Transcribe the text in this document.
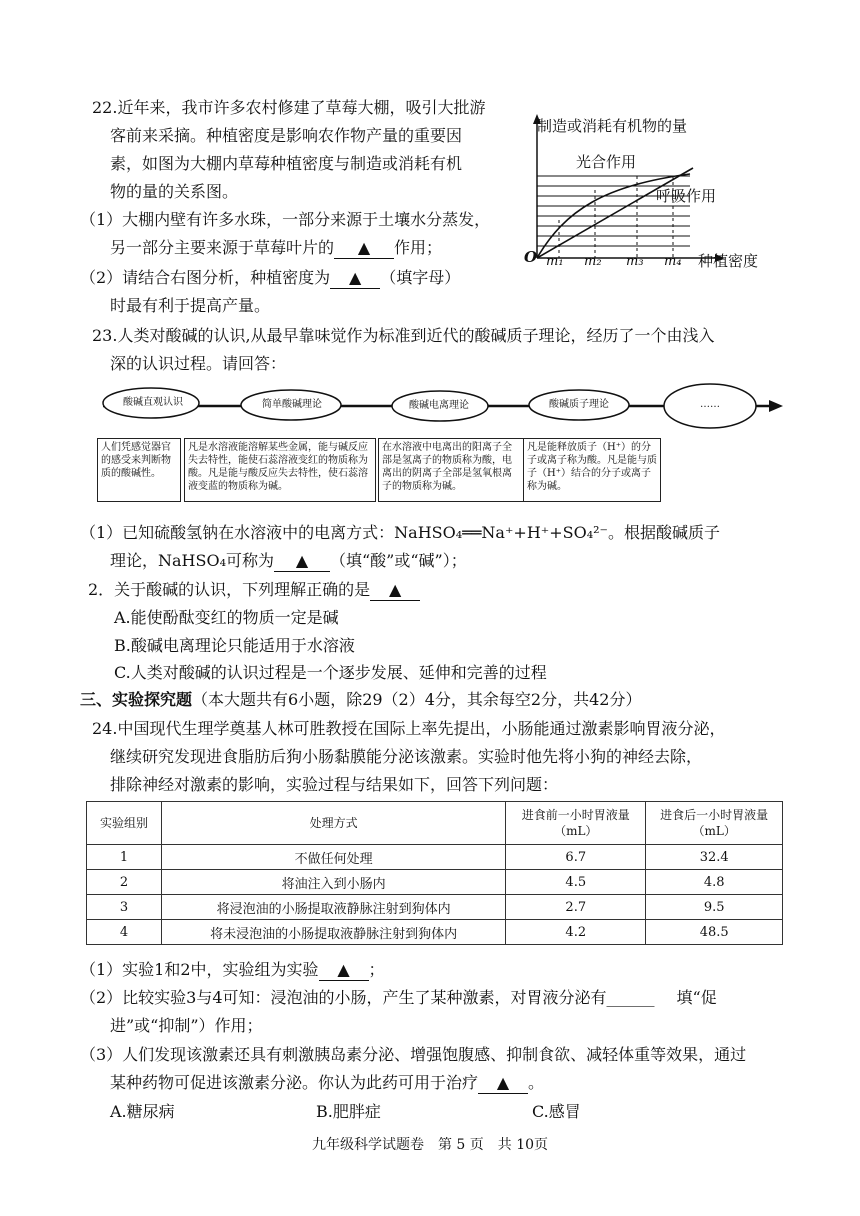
22.近年来，我市许多农村修建了草莓大棚，吸引大批游
客前来采摘。种植密度是影响农作物产量的重要因
素，如图为大棚内草莓种植密度与制造或消耗有机
物的量的关系图。
（1）大棚内壁有许多水珠，一部分来源于土壤水分蒸发，
另一部分主要来源于草莓叶片的 ▲ 作用；
（2）请结合右图分析，种植密度为 ▲ （填字母）
时最有利于提高产量。
制造或消耗有机物的量
光合作用
呼吸作用
O m₁ m₂ m₃ m₄ 种植密度
23.人类对酸碱的认识,从最早靠味觉作为标准到近代的酸碱质子理论，经历了一个由浅入
深的认识过程。请回答：
酸碱直观认识	简单酸碱理论	酸碱电离理论	酸碱质子理论	……
人们凭感觉器官的感受来判断物质的酸碱性。
凡是水溶液能溶解某些金属，能与碱反应失去特性，能使石蕊溶液变红的物质称为酸。凡是能与酸反应失去特性，使石蕊溶液变蓝的物质称为碱。
在水溶液中电离出的阳离子全部是氢离子的物质称为酸，电离出的阴离子全部是氢氧根离子的物质称为碱。
凡是能释放质子（H⁺）的分子或离子称为酸。凡是能与质子（H⁺）结合的分子或离子称为碱。
（1）已知硫酸氢钠在水溶液中的电离方式：NaHSO₄══Na⁺+H⁺+SO₄²⁻。根据酸碱质子
理论，NaHSO₄可称为 ▲ （填“酸”或“碱”）；
2．关于酸碱的认识，下列理解正确的是 ▲
A.能使酚酞变红的物质一定是碱
B.酸碱电离理论只能适用于水溶液
C.人类对酸碱的认识过程是一个逐步发展、延伸和完善的过程
三、实验探究题（本大题共有6小题，除29（2）4分，其余每空2分，共42分）
24.中国现代生理学奠基人林可胜教授在国际上率先提出，小肠能通过激素影响胃液分泌，
继续研究发现进食脂肪后狗小肠黏膜能分泌该激素。实验时他先将小狗的神经去除，
排除神经对激素的影响，实验过程与结果如下，回答下列问题：
实验组别	处理方式	进食前一小时胃液量（mL）	进食后一小时胃液量（mL）
1	不做任何处理	6.7	32.4
2	将油注入到小肠内	4.5	4.8
3	将浸泡油的小肠提取液静脉注射到狗体内	2.7	9.5
4	将未浸泡油的小肠提取液静脉注射到狗体内	4.2	48.5
（1）实验1和2中，实验组为实验 ▲ ；
（2）比较实验3与4可知：浸泡油的小肠，产生了某种激素，对胃液分泌有______ 填“促
进”或“抑制”）作用；
（3）人们发现该激素还具有刺激胰岛素分泌、增强饱腹感、抑制食欲、减轻体重等效果，通过
某种药物可促进该激素分泌。你认为此药可用于治疗 ▲ 。
A.糖尿病	B.肥胖症	C.感冒
九年级科学试题卷　第 5 页　共 10页
